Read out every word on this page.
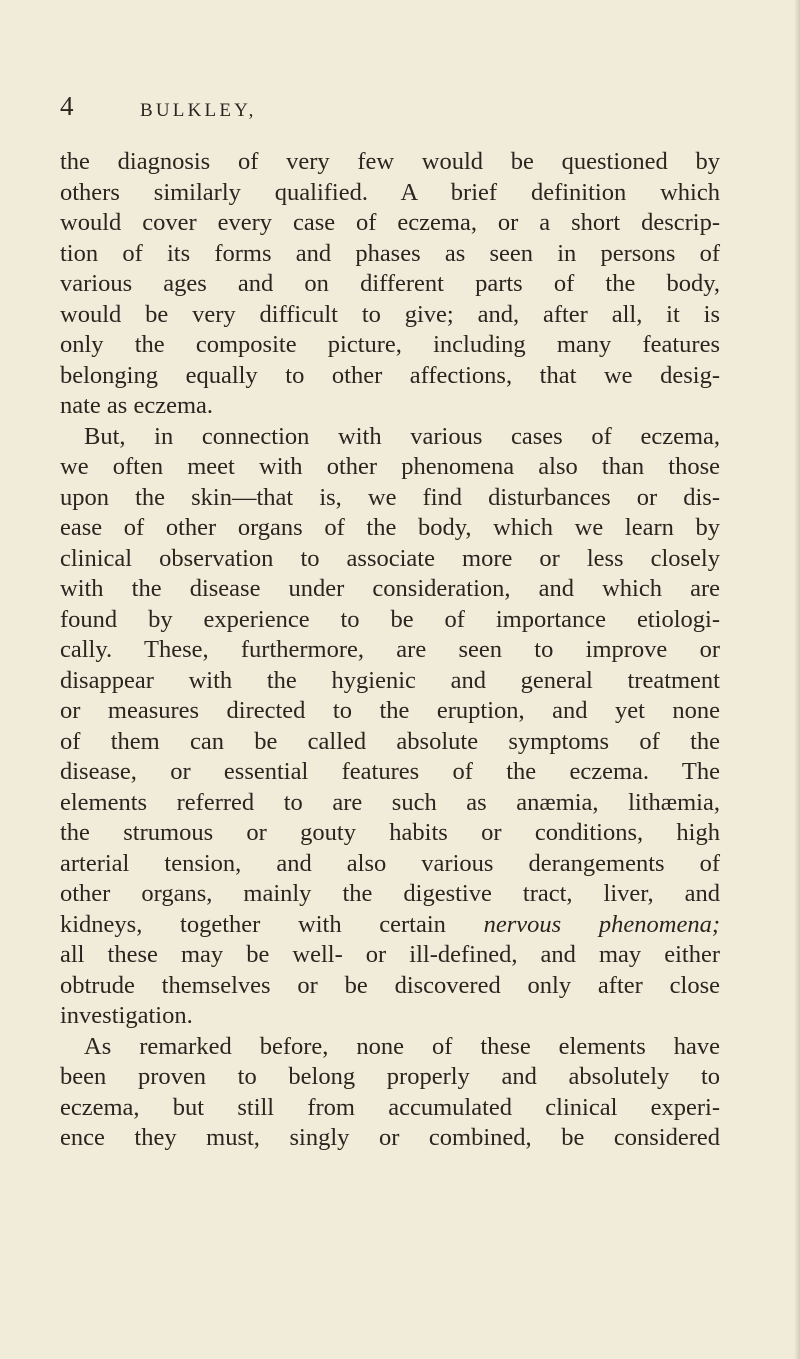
4	BULKLEY,
the diagnosis of very few would be questioned by
others similarly qualified. A brief definition which
would cover every case of eczema, or a short descrip-
tion of its forms and phases as seen in persons of
various ages and on different parts of the body,
would be very difficult to give; and, after all, it is
only the composite picture, including many features
belonging equally to other affections, that we desig-
nate as eczema.
But, in connection with various cases of eczema,
we often meet with other phenomena also than those
upon the skin—that is, we find disturbances or dis-
ease of other organs of the body, which we learn by
clinical observation to associate more or less closely
with the disease under consideration, and which are
found by experience to be of importance etiologi-
cally. These, furthermore, are seen to improve or
disappear with the hygienic and general treatment
or measures directed to the eruption, and yet none
of them can be called absolute symptoms of the
disease, or essential features of the eczema. The
elements referred to are such as anæmia, lithæmia,
the strumous or gouty habits or conditions, high
arterial tension, and also various derangements of
other organs, mainly the digestive tract, liver, and
kidneys, together with certain nervous phenomena;
all these may be well- or ill-defined, and may either
obtrude themselves or be discovered only after close
investigation.
As remarked before, none of these elements have
been proven to belong properly and absolutely to
eczema, but still from accumulated clinical experi-
ence they must, singly or combined, be considered
